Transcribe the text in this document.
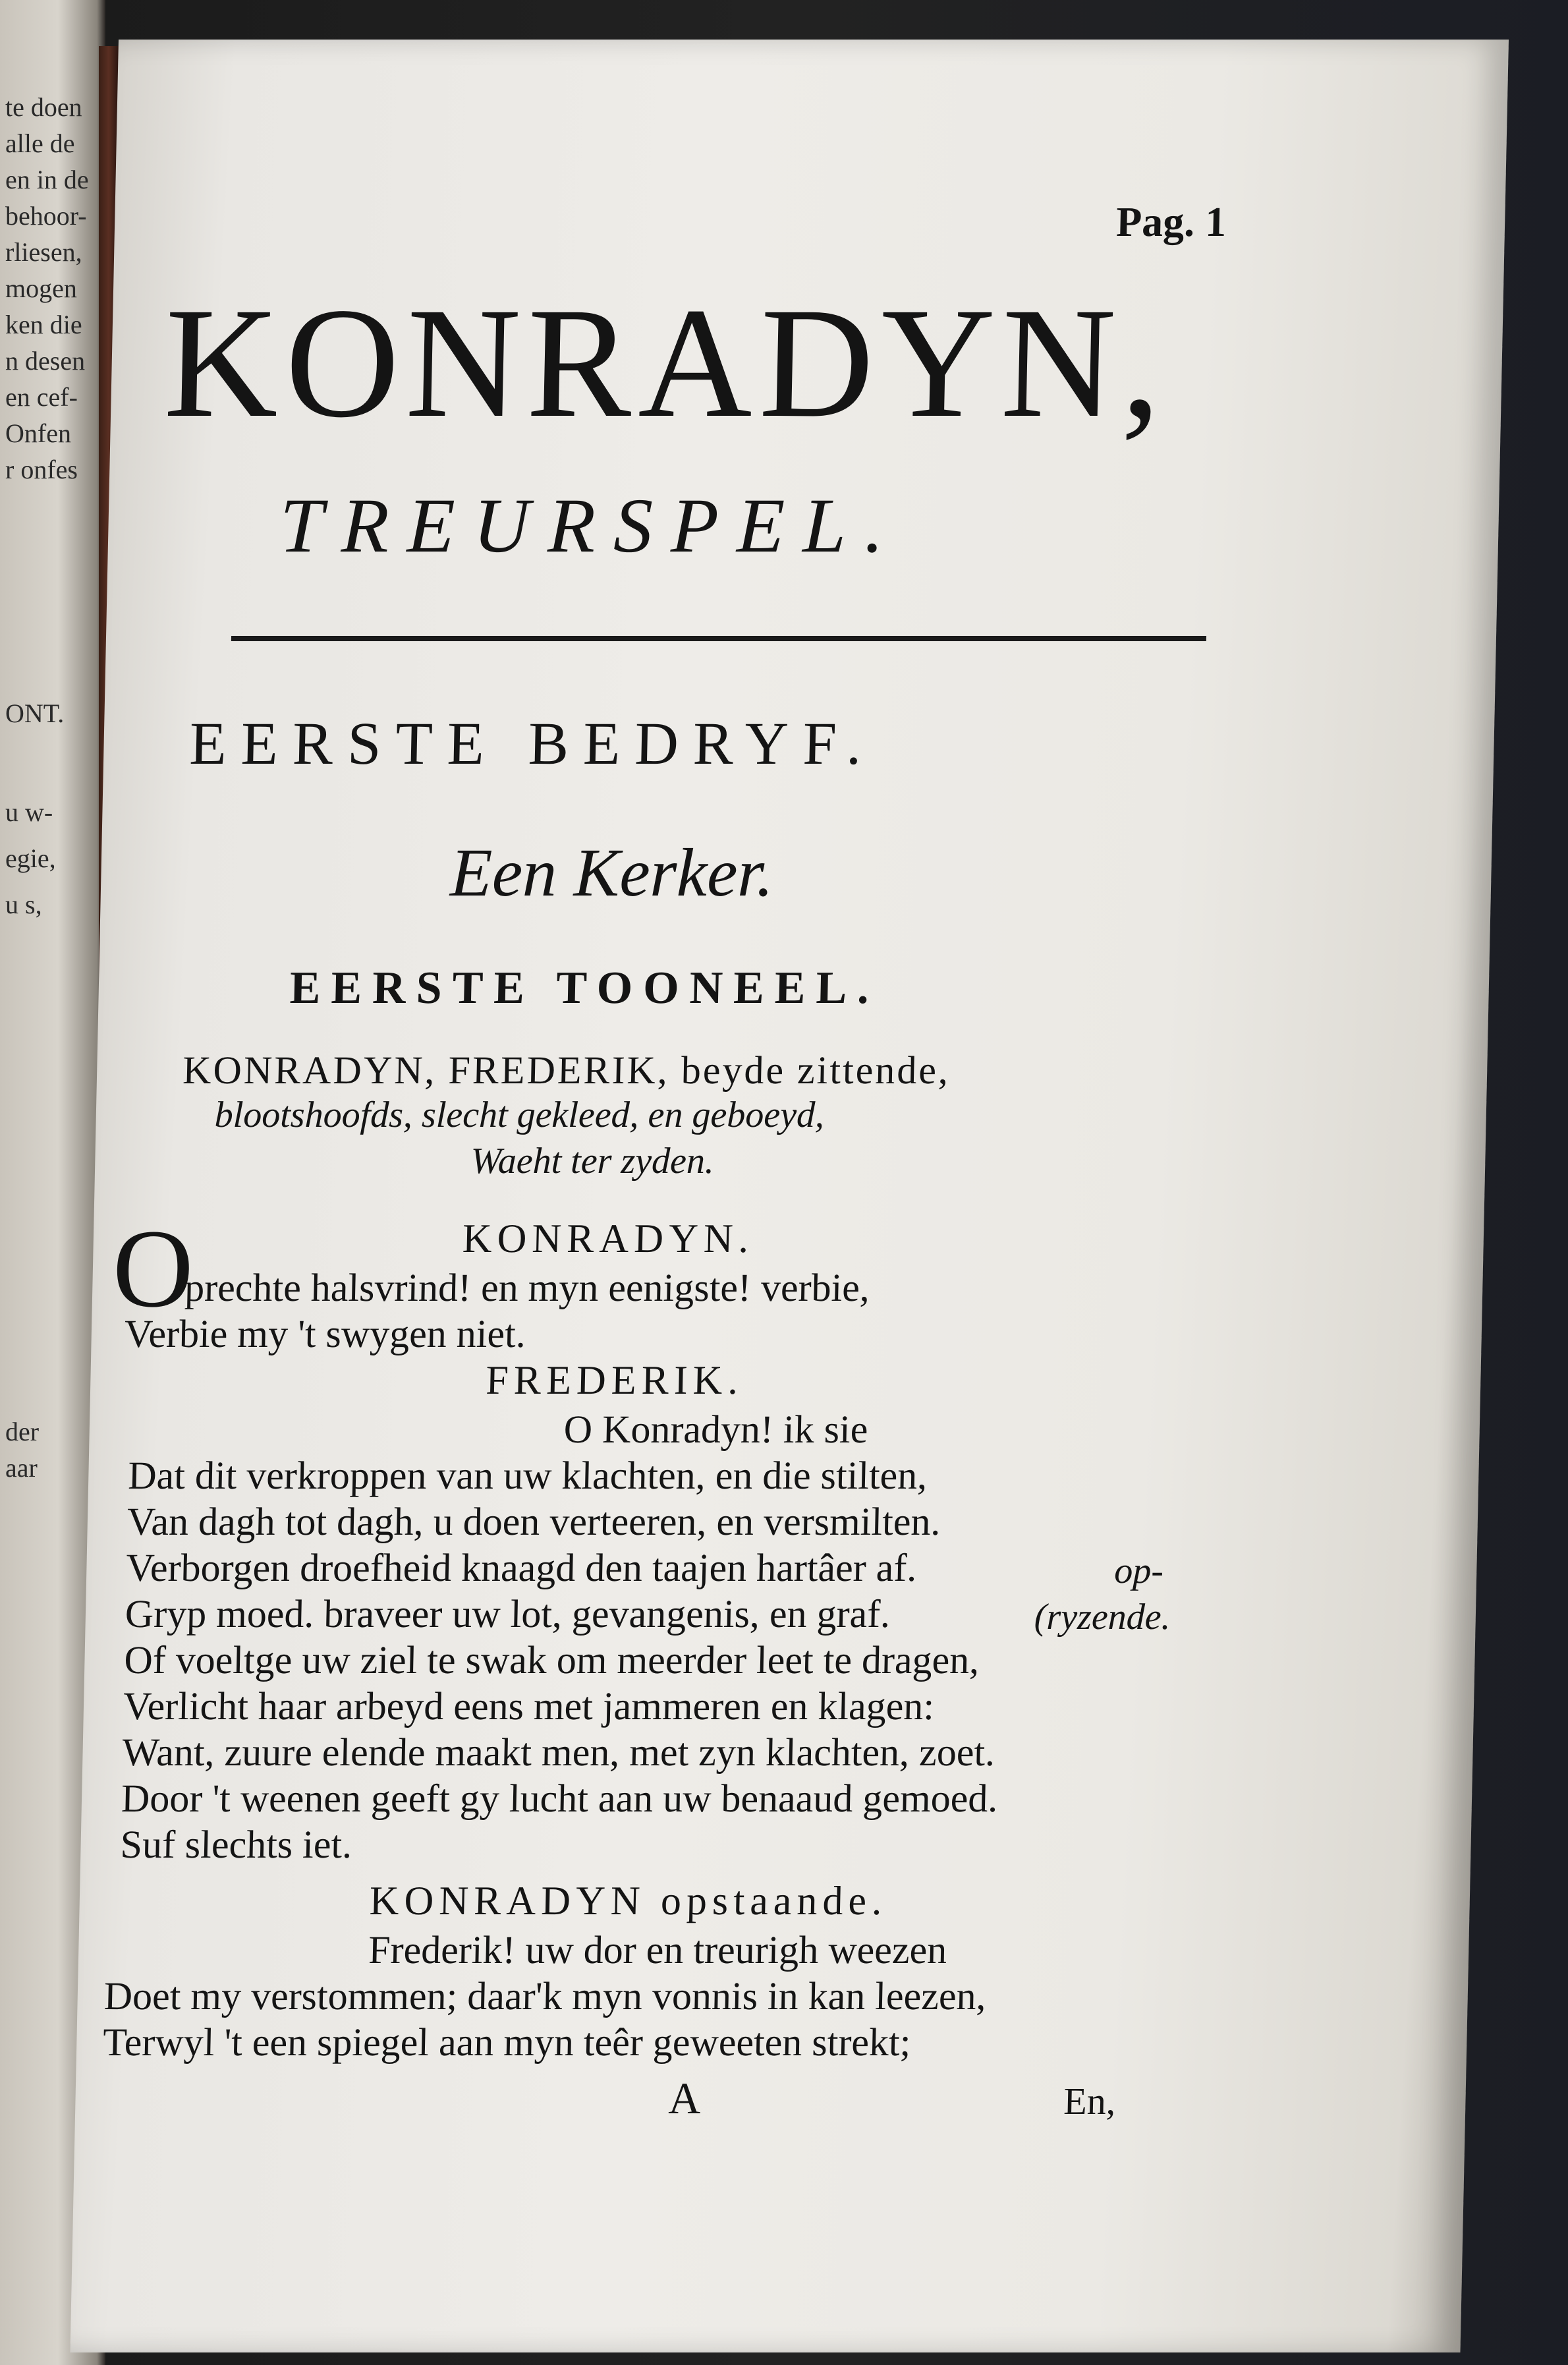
te doen
alle de
en in de
behoor-
rliesen,
mogen
ken die
n desen
en cef-
Onfen
r onfes
ONT.
u w-
egie,
u s,
der
aar
Pag. 1
KONRADYN,
TREURSPEL.
EERSTE BEDRYF.
Een Kerker.
EERSTE TOONEEL.
KONRADYN, FREDERIK, beyde zittende,
blootshoofds, slecht gekleed, en geboeyd,
Waeht ter zyden.
KONRADYN.
O
prechte halsvrind! en myn eenigste! verbie,
Verbie my 't swygen niet.
FREDERIK.
O Konradyn! ik sie
Dat dit verkroppen van uw klachten, en die stilten,
Van dagh tot dagh, u doen verteeren, en versmilten.
Verborgen droefheid knaagd den taajen hartâer af.	op-
Gryp moed. braveer uw lot, gevangenis, en graf.	(ryzende.
Of voeltge uw ziel te swak om meerder leet te dragen,
Verlicht haar arbeyd eens met jammeren en klagen:
Want, zuure elende maakt men, met zyn klachten, zoet.
Door 't weenen geeft gy lucht aan uw benaaud gemoed.
Suf slechts iet.
KONRADYN opstaande.
Frederik! uw dor en treurigh weezen
Doet my verstommen; daar'k myn vonnis in kan leezen,
Terwyl 't een spiegel aan myn teêr geweeten strekt;
A	En,
